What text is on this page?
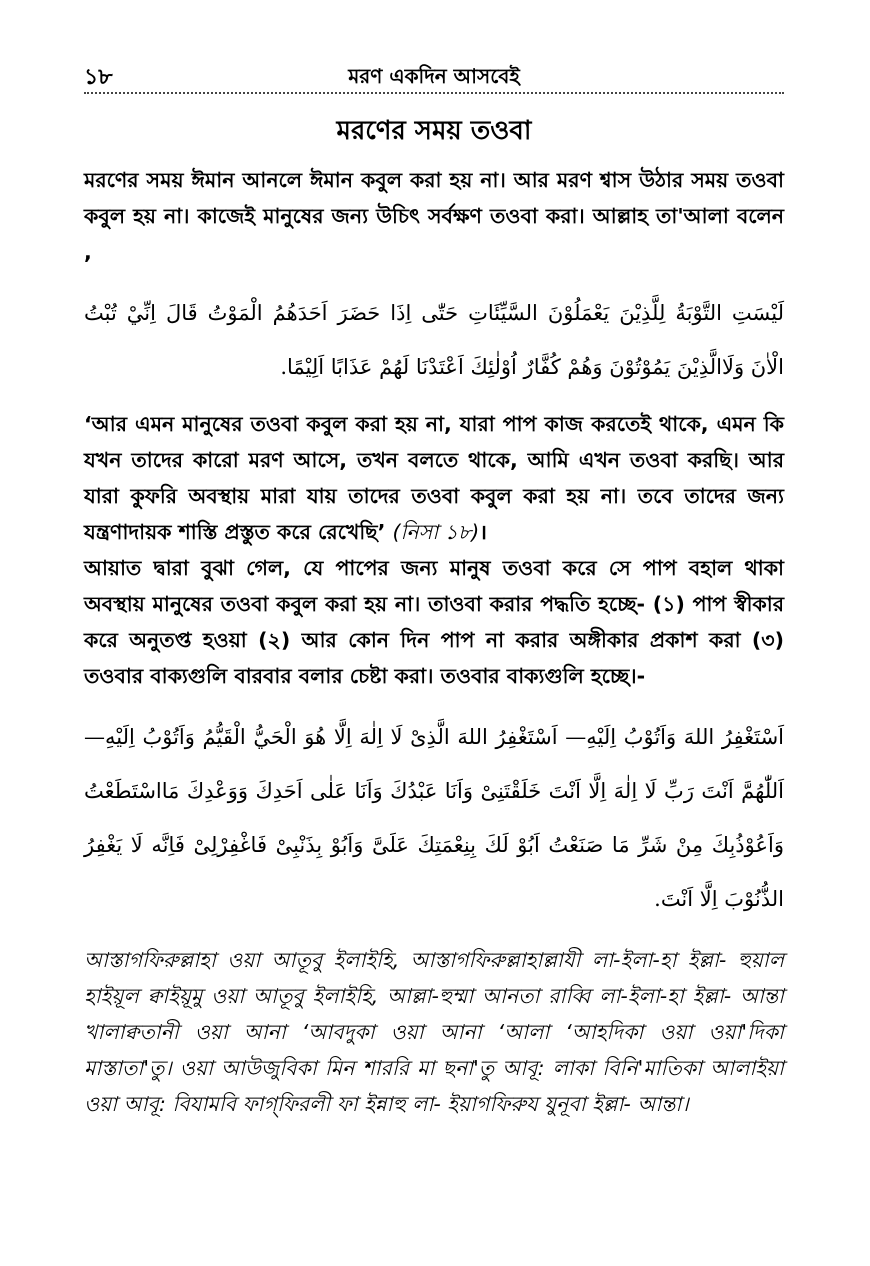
১৮	মরণ একদিন আসবেই
মরণের সময় তওবা

মরণের সময় ঈমান আনলে ঈমান কবুল করা হয় না। আর মরণ শ্বাস উঠার সময় তওবা কবুল হয় না। কাজেই মানুষের জন্য উচিৎ সর্বক্ষণ তওবা করা। আল্লাহ তা'আলা বলেন ,

لَيْسَتِ التَّوْبَةُ لِلَّذِيْنَ يَعْمَلُوْنَ السَّيِّئَاتِ حَتّٰى اِذَا حَضَرَ اَحَدَهُمُ الْمَوْتُ قَالَ اِنِّيْ تُبْتُ الْاٰنَ وَلَاالَّذِيْنَ يَمُوْتُوْنَ وَهُمْ كُفَّارٌ اُوْلٰئِكَ اَعْتَدْنَا لَهُمْ عَذَابًا اَلِيْمًا.

‘আর এমন মানুষের তওবা কবুল করা হয় না, যারা পাপ কাজ করতেই থাকে, এমন কি যখন তাদের কারো মরণ আসে, তখন বলতে থাকে, আমি এখন তওবা করছি। আর যারা কুফরি অবস্থায় মারা যায় তাদের তওবা কবুল করা হয় না। তবে তাদের জন্য যন্ত্রণাদায়ক শাস্তি প্রস্তুত করে রেখেছি’ (নিসা ১৮)।

আয়াত দ্বারা বুঝা গেল, যে পাপের জন্য মানুষ তওবা করে সে পাপ বহাল থাকা অবস্থায় মানুষের তওবা কবুল করা হয় না। তাওবা করার পদ্ধতি হচ্ছে- (১) পাপ স্বীকার করে অনুতপ্ত হওয়া (২) আর কোন দিন পাপ না করার অঙ্গীকার প্রকাশ করা (৩) তওবার বাক্যগুলি বারবার বলার চেষ্টা করা। তওবার বাক্যগুলি হচ্ছে।-

اَسْتَغْفِرُ اللهَ وَاَتُوْبُ اِلَيْهِ— اَسْتَغْفِرُ اللهَ الَّذِىْ لَا اِلٰهَ اِلَّا هُوَ الْحَيُّ الْقَيُّمُ وَاَتُوْبُ اِلَيْهِ— اَللّٰهُمَّ اَنْتَ رَبِّ لَا اِلٰهَ اِلَّا اَنْتَ خَلَقْتَنِىْ وَاَنَا عَبْدُكَ وَاَنَا عَلٰى اَحَدِكَ وَوَعْدِكَ مَااسْتَطَعْتُ وَاَعُوْذُبِكَ مِنْ شَرِّ مَا صَنَعْتُ اَبُوْ لَكَ بِنِعْمَتِكَ عَلَىَّ وَاَبُوْ بِذَنْبِىْ فَاغْفِرْلِىْ فَاِنَّه لَا يَغْفِرُ الذُّنُوْبَ اِلَّا اَنْتَ.

আস্তাগফিরুল্লাহা ওয়া আতূবু ইলাইহি, আস্তাগফিরুল্লাহাল্লাযী লা-ইলা-হা ইল্লা- হুয়াল হাইয়ূল ক্বাইয়ূমু ওয়া আতূবু ইলাইহি, আল্লা-হুম্মা আনতা রাব্বি লা-ইলা-হা ইল্লা- আন্তা খালাক্বতানী ওয়া আনা ‘আবদুকা ওয়া আনা ‘আলা ‘আহদিকা ওয়া ওয়া'দিকা মাস্তাতা'তু। ওয়া আউজুবিকা মিন শাররি মা ছনা'তু আবূ: লাকা বিনি'মাতিকা আলাইয়া ওয়া আবূ: বিযামবি ফাগ্‌ফিরলী ফা ইন্নাহু লা- ইয়াগফিরুয যুনূবা ইল্লা- আন্তা।
